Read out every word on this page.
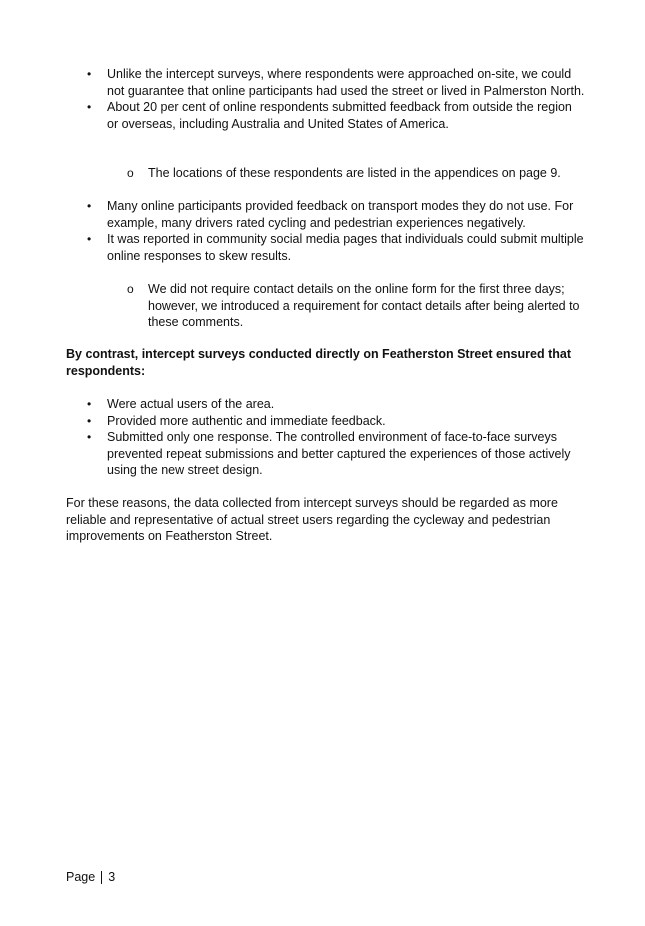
• Unlike the intercept surveys, where respondents were approached on-site, we could not guarantee that online participants had used the street or lived in Palmerston North.
• About 20 per cent of online respondents submitted feedback from outside the region or overseas, including Australia and United States of America.
o The locations of these respondents are listed in the appendices on page 9.
• Many online participants provided feedback on transport modes they do not use. For example, many drivers rated cycling and pedestrian experiences negatively.
• It was reported in community social media pages that individuals could submit multiple online responses to skew results.
o We did not require contact details on the online form for the first three days; however, we introduced a requirement for contact details after being alerted to these comments.
By contrast, intercept surveys conducted directly on Featherston Street ensured that respondents:
• Were actual users of the area.
• Provided more authentic and immediate feedback.
• Submitted only one response. The controlled environment of face-to-face surveys prevented repeat submissions and better captured the experiences of those actively using the new street design.
For these reasons, the data collected from intercept surveys should be regarded as more reliable and representative of actual street users regarding the cycleway and pedestrian improvements on Featherston Street.
Page 3
